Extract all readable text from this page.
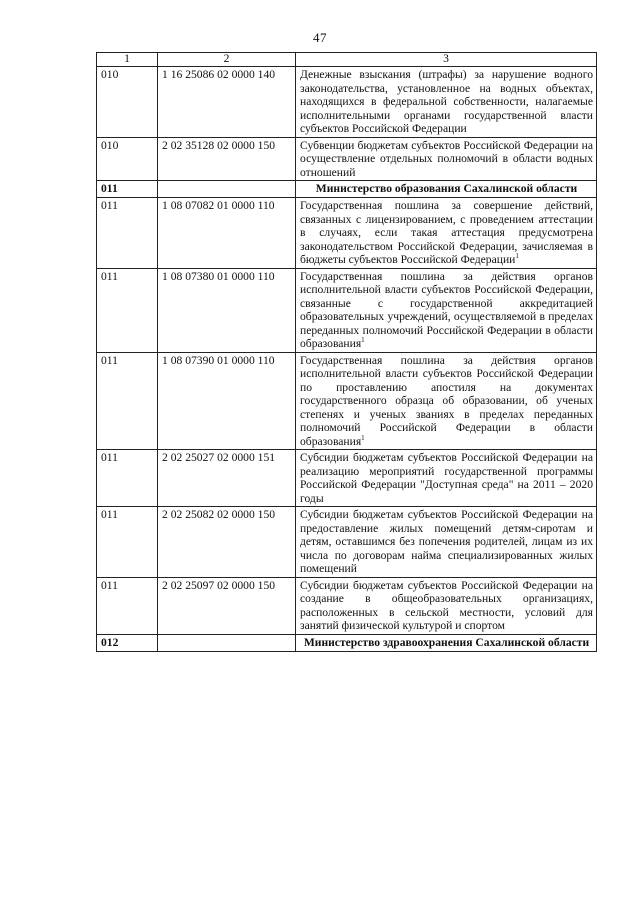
47
1	2	3
010	1 16 25086 02 0000 140	Денежные взыскания (штрафы) за нарушение водного законодательства, установленное на водных объектах, находящихся в федеральной собственности, налагаемые исполнительными органами государственной власти субъектов Российской Федерации
010	2 02 35128 02 0000 150	Субвенции бюджетам субъектов Российской Федерации на осуществление отдельных полномочий в области водных отношений
011		Министерство образования Сахалинской области
011	1 08 07082 01 0000 110	Государственная пошлина за совершение действий, связанных с лицензированием, с проведением аттестации в случаях, если такая аттестация предусмотрена законодательством Российской Федерации, зачисляемая в бюджеты субъектов Российской Федерации$^1$
011	1 08 07380 01 0000 110	Государственная пошлина за действия органов исполнительной власти субъектов Российской Федерации, связанные с государственной аккредитацией образовательных учреждений, осуществляемой в пределах переданных полномочий Российской Федерации в области образования$^1$
011	1 08 07390 01 0000 110	Государственная пошлина за действия органов исполнительной власти субъектов Российской Федерации по проставлению апостиля на документах государственного образца об образовании, об ученых степенях и ученых званиях в пределах переданных полномочий Российской Федерации в области образования$^1$
011	2 02 25027 02 0000 151	Субсидии бюджетам субъектов Российской Федерации на реализацию мероприятий государственной программы Российской Федерации "Доступная среда" на 2011 – 2020 годы
011	2 02 25082 02 0000 150	Субсидии бюджетам субъектов Российской Федерации на предоставление жилых помещений детям-сиротам и детям, оставшимся без попечения родителей, лицам из их числа по договорам найма специализированных жилых помещений
011	2 02 25097 02 0000 150	Субсидии бюджетам субъектов Российской Федерации на создание в общеобразовательных организациях, расположенных в сельской местности, условий для занятий физической культурой и спортом
012		Министерство здравоохранения Сахалинской области
